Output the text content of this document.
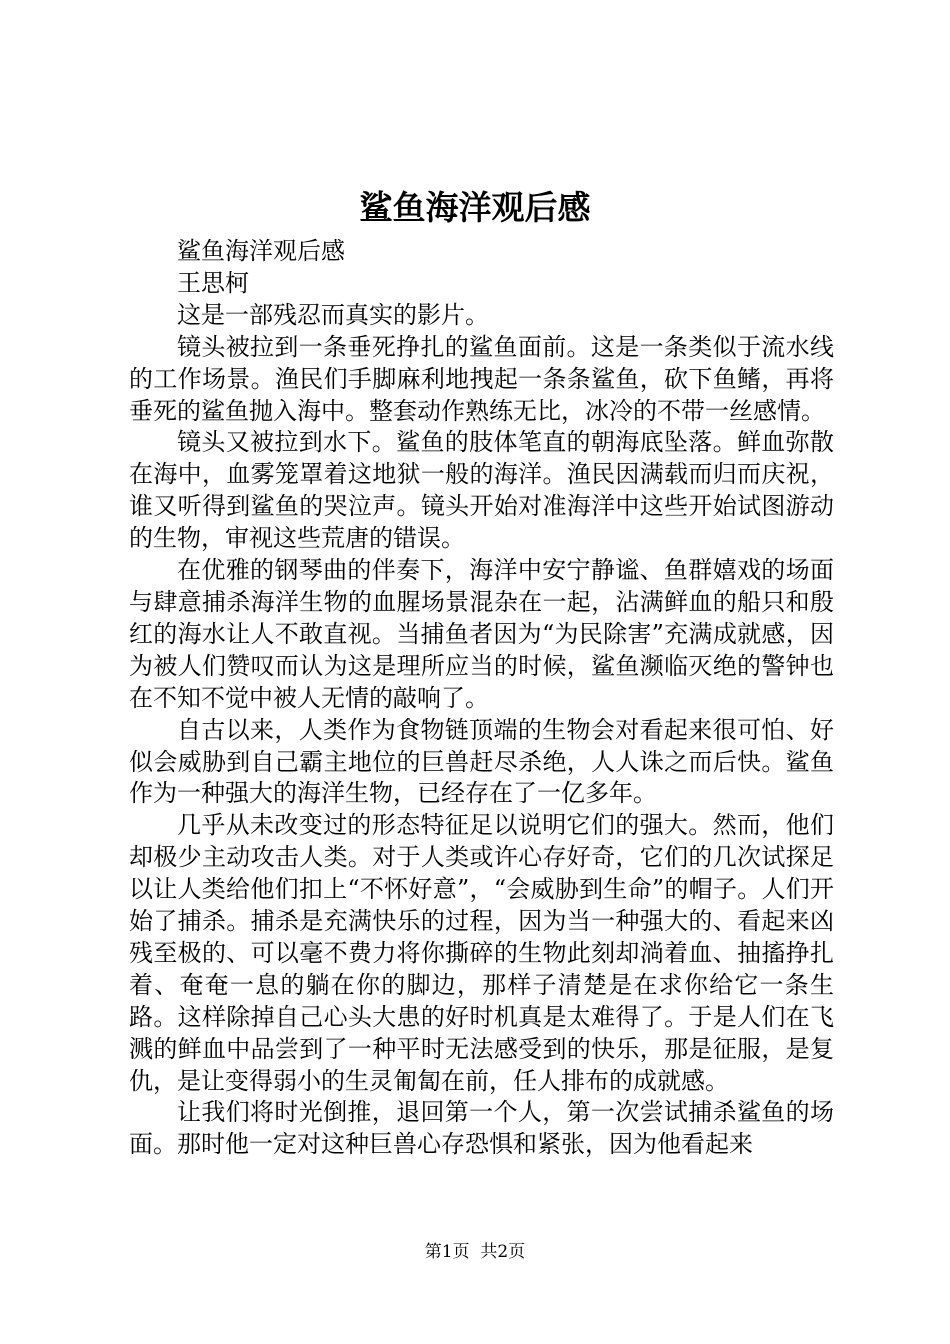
鲨鱼海洋观后感

鲨鱼海洋观后感

王思柯

这是一部残忍而真实的影片。

镜头被拉到一条垂死挣扎的鲨鱼面前。这是一条类似于流水线的工作场景。渔民们手脚麻利地拽起一条条鲨鱼，砍下鱼鳍，再将垂死的鲨鱼抛入海中。整套动作熟练无比，冰冷的不带一丝感情。

镜头又被拉到水下。鲨鱼的肢体笔直的朝海底坠落。鲜血弥散在海中，血雾笼罩着这地狱一般的海洋。渔民因满载而归而庆祝，谁又听得到鲨鱼的哭泣声。镜头开始对准海洋中这些开始试图游动的生物，审视这些荒唐的错误。

在优雅的钢琴曲的伴奏下，海洋中安宁静谧、鱼群嬉戏的场面与肆意捕杀海洋生物的血腥场景混杂在一起，沾满鲜血的船只和殷红的海水让人不敢直视。当捕鱼者因为“为民除害”充满成就感，因为被人们赞叹而认为这是理所应当的时候，鲨鱼濒临灭绝的警钟也在不知不觉中被人无情的敲响了。

自古以来，人类作为食物链顶端的生物会对看起来很可怕、好似会威胁到自己霸主地位的巨兽赶尽杀绝，人人诛之而后快。鲨鱼作为一种强大的海洋生物，已经存在了一亿多年。

几乎从未改变过的形态特征足以说明它们的强大。然而，他们却极少主动攻击人类。对于人类或许心存好奇，它们的几次试探足以让人类给他们扣上“不怀好意”，“会威胁到生命”的帽子。人们开始了捕杀。捕杀是充满快乐的过程，因为当一种强大的、看起来凶残至极的、可以毫不费力将你撕碎的生物此刻却淌着血、抽搐挣扎着、奄奄一息的躺在你的脚边，那样子清楚是在求你给它一条生路。这样除掉自己心头大患的好时机真是太难得了。于是人们在飞溅的鲜血中品尝到了一种平时无法感受到的快乐，那是征服，是复仇，是让变得弱小的生灵匍匐在前，任人排布的成就感。

让我们将时光倒推，退回第一个人，第一次尝试捕杀鲨鱼的场面。那时他一定对这种巨兽心存恐惧和紧张，因为他看起来

第1页 共2页
